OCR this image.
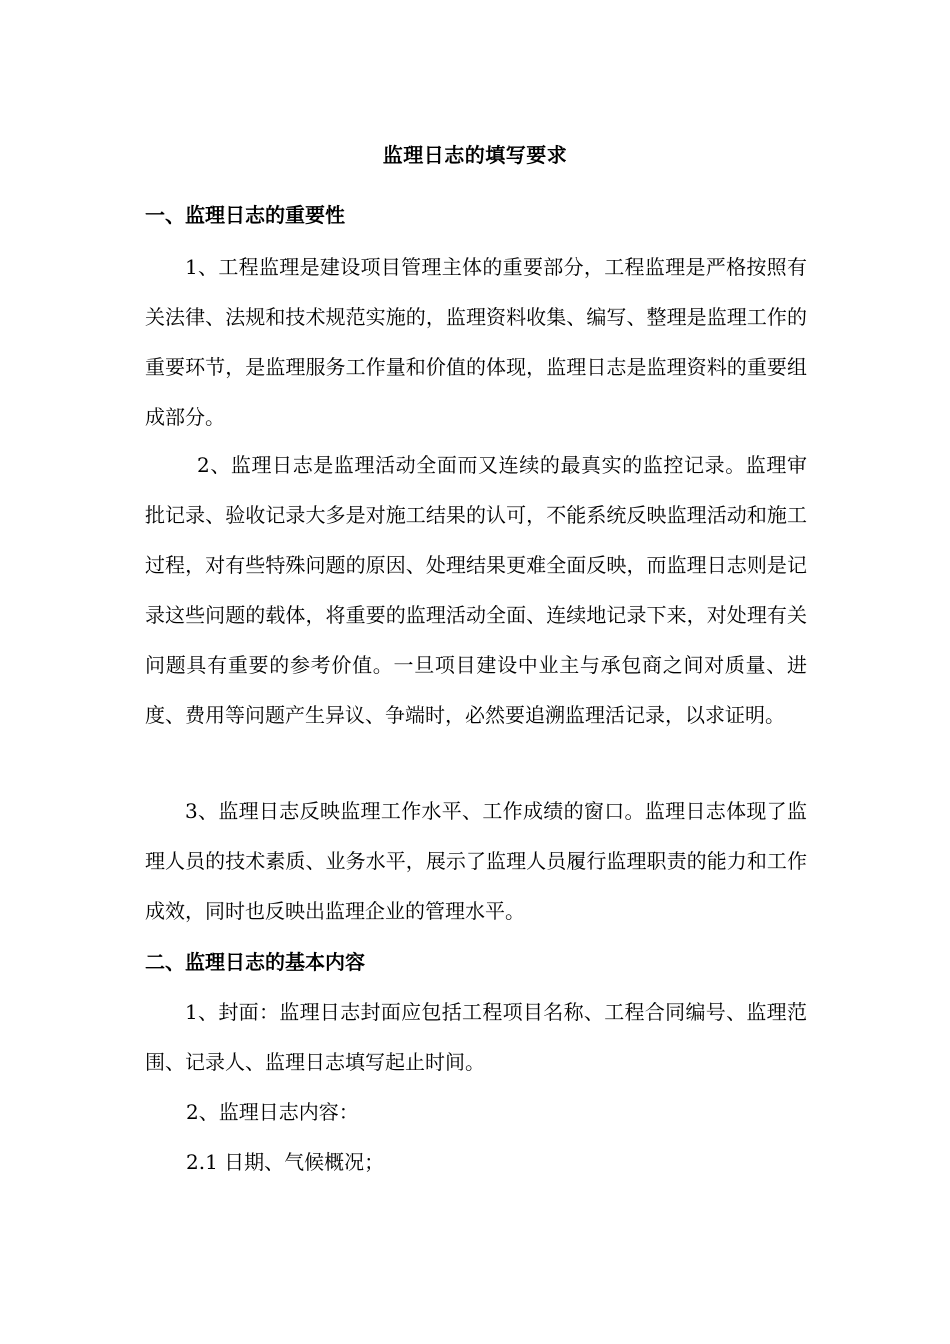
监理日志的填写要求
一、监理日志的重要性
1、工程监理是建设项目管理主体的重要部分，工程监理是严格按照有关法律、法规和技术规范实施的，监理资料收集、编写、整理是监理工作的重要环节，是监理服务工作量和价值的体现，监理日志是监理资料的重要组成部分。
2、监理日志是监理活动全面而又连续的最真实的监控记录。监理审批记录、验收记录大多是对施工结果的认可，不能系统反映监理活动和施工过程，对有些特殊问题的原因、处理结果更难全面反映，而监理日志则是记录这些问题的载体，将重要的监理活动全面、连续地记录下来，对处理有关问题具有重要的参考价值。一旦项目建设中业主与承包商之间对质量、进度、费用等问题产生异议、争端时，必然要追溯监理活记录，以求证明。
3、监理日志反映监理工作水平、工作成绩的窗口。监理日志体现了监理人员的技术素质、业务水平，展示了监理人员履行监理职责的能力和工作成效，同时也反映出监理企业的管理水平。
二、监理日志的基本内容
1、封面：监理日志封面应包括工程项目名称、工程合同编号、监理范围、记录人、监理日志填写起止时间。
2、监理日志内容：
2.1 日期、气候概况；
